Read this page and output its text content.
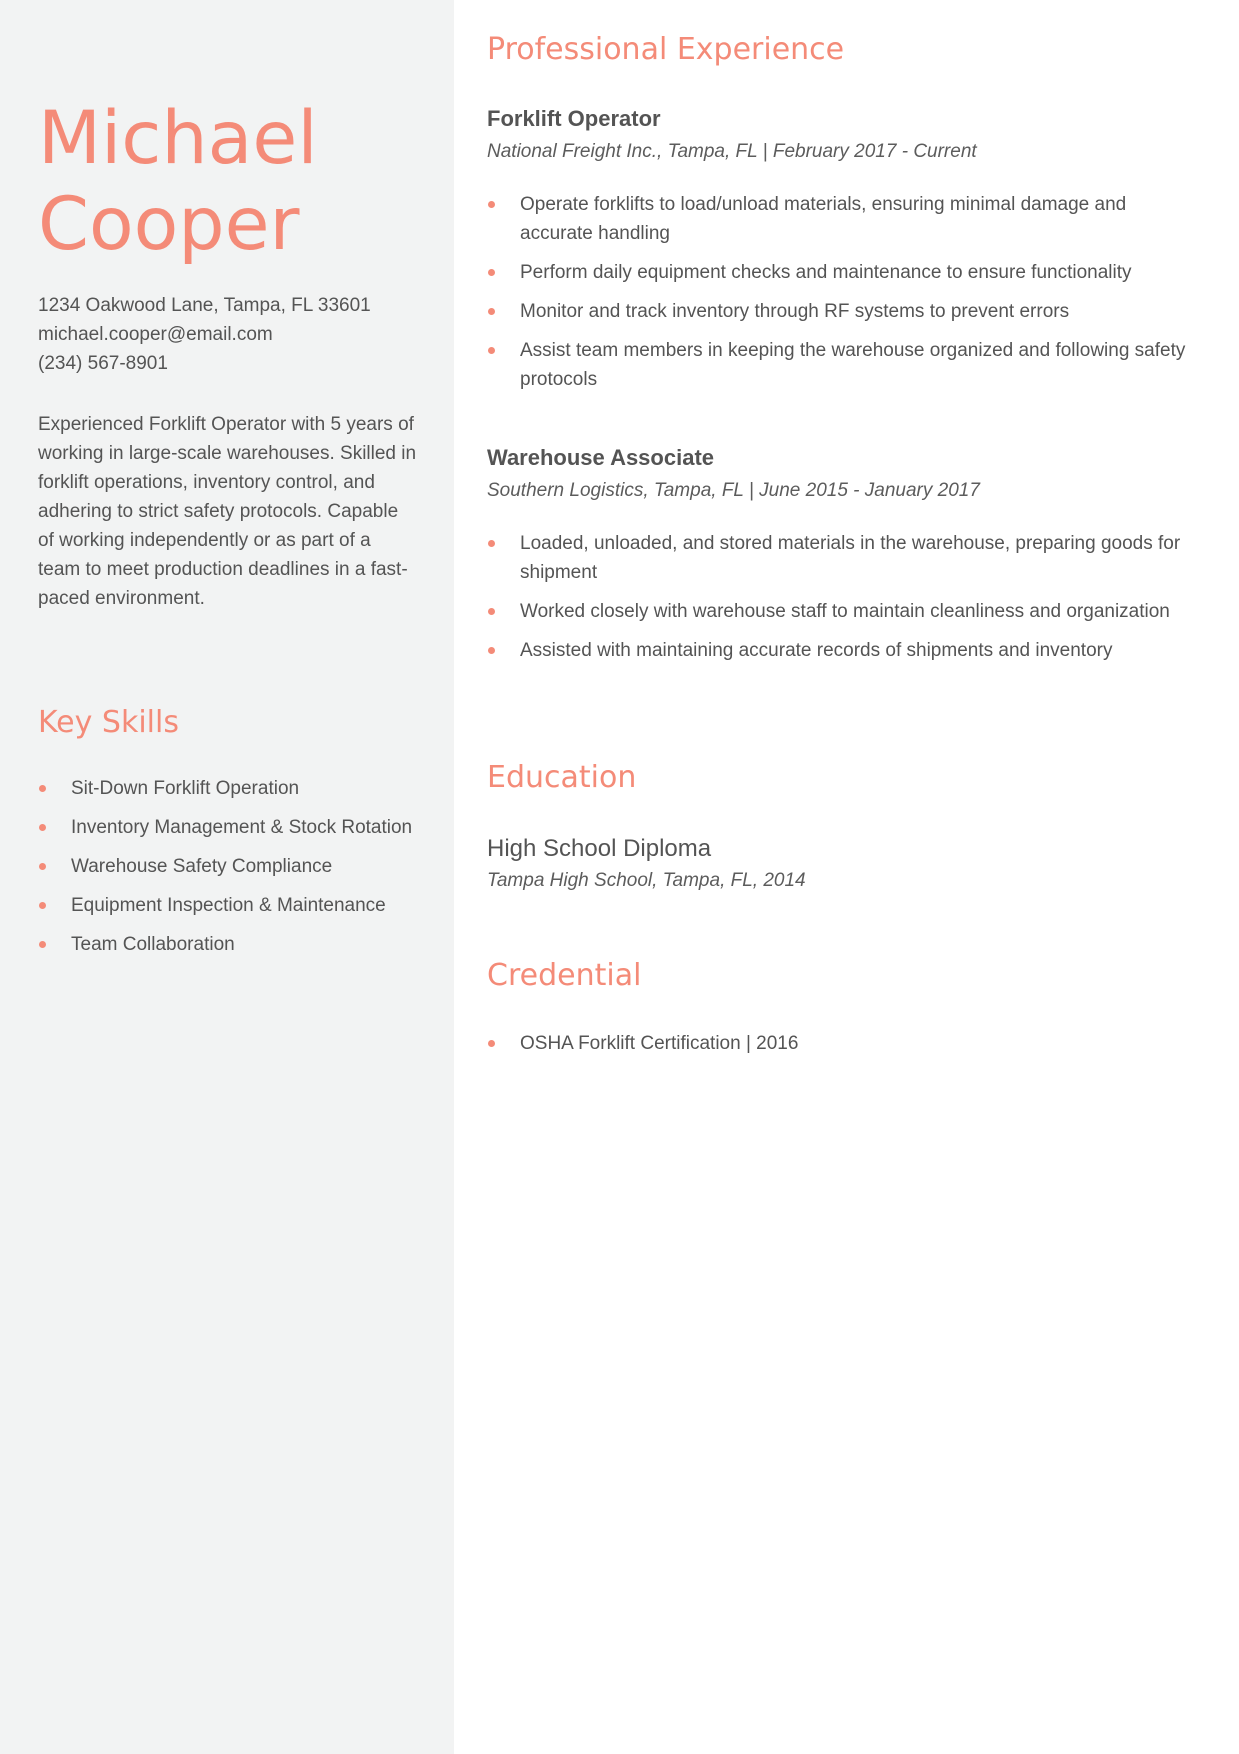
Michael
Cooper
1234 Oakwood Lane, Tampa, FL 33601
michael.cooper@email.com
(234) 567-8901

Experienced Forklift Operator with 5 years of working in large-scale warehouses. Skilled in forklift operations, inventory control, and adhering to strict safety protocols. Capable of working independently or as part of a team to meet production deadlines in a fast-paced environment.

Key Skills
Sit-Down Forklift Operation
Inventory Management & Stock Rotation
Warehouse Safety Compliance
Equipment Inspection & Maintenance
Team Collaboration
Professional Experience
Forklift Operator

National Freight Inc., Tampa, FL | February 2017 - Current

Operate forklifts to load/unload materials, ensuring minimal damage and accurate handling
Perform daily equipment checks and maintenance to ensure functionality
Monitor and track inventory through RF systems to prevent errors
Assist team members in keeping the warehouse organized and following safety protocols
Warehouse Associate

Southern Logistics, Tampa, FL | June 2015 - January 2017

Loaded, unloaded, and stored materials in the warehouse, preparing goods for shipment
Worked closely with warehouse staff to maintain cleanliness and organization
Assisted with maintaining accurate records of shipments and inventory
Education

High School Diploma

Tampa High School, Tampa, FL, 2014

Credential
OSHA Forklift Certification | 2016
